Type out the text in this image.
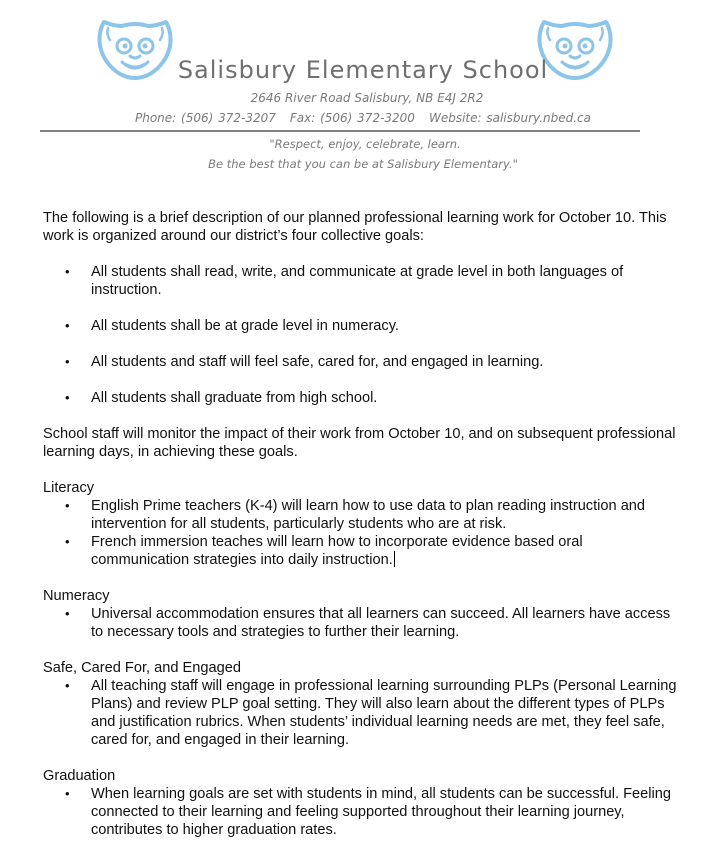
Salisbury Elementary School
2646 River Road Salisbury, NB E4J 2R2
Phone: (506) 372-3207 Fax: (506) 372-3200 Website: salisbury.nbed.ca
"Respect, enjoy, celebrate, learn.
Be the best that you can be at Salisbury Elementary."

The following is a brief description of our planned professional learning work for October 10. This work is organized around our district’s four collective goals:

• All students shall read, write, and communicate at grade level in both languages of instruction.
• All students shall be at grade level in numeracy.
• All students and staff will feel safe, cared for, and engaged in learning.
• All students shall graduate from high school.

School staff will monitor the impact of their work from October 10, and on subsequent professional learning days, in achieving these goals.

Literacy

• English Prime teachers (K-4) will learn how to use data to plan reading instruction and intervention for all students, particularly students who are at risk.
• French immersion teaches will learn how to incorporate evidence based oral communication strategies into daily instruction.

Numeracy

• Universal accommodation ensures that all learners can succeed. All learners have access to necessary tools and strategies to further their learning.

Safe, Cared For, and Engaged

• All teaching staff will engage in professional learning surrounding PLPs (Personal Learning Plans) and review PLP goal setting. They will also learn about the different types of PLPs and justification rubrics. When students’ individual learning needs are met, they feel safe, cared for, and engaged in their learning.

Graduation

• When learning goals are set with students in mind, all students can be successful. Feeling connected to their learning and feeling supported throughout their learning journey, contributes to higher graduation rates.
